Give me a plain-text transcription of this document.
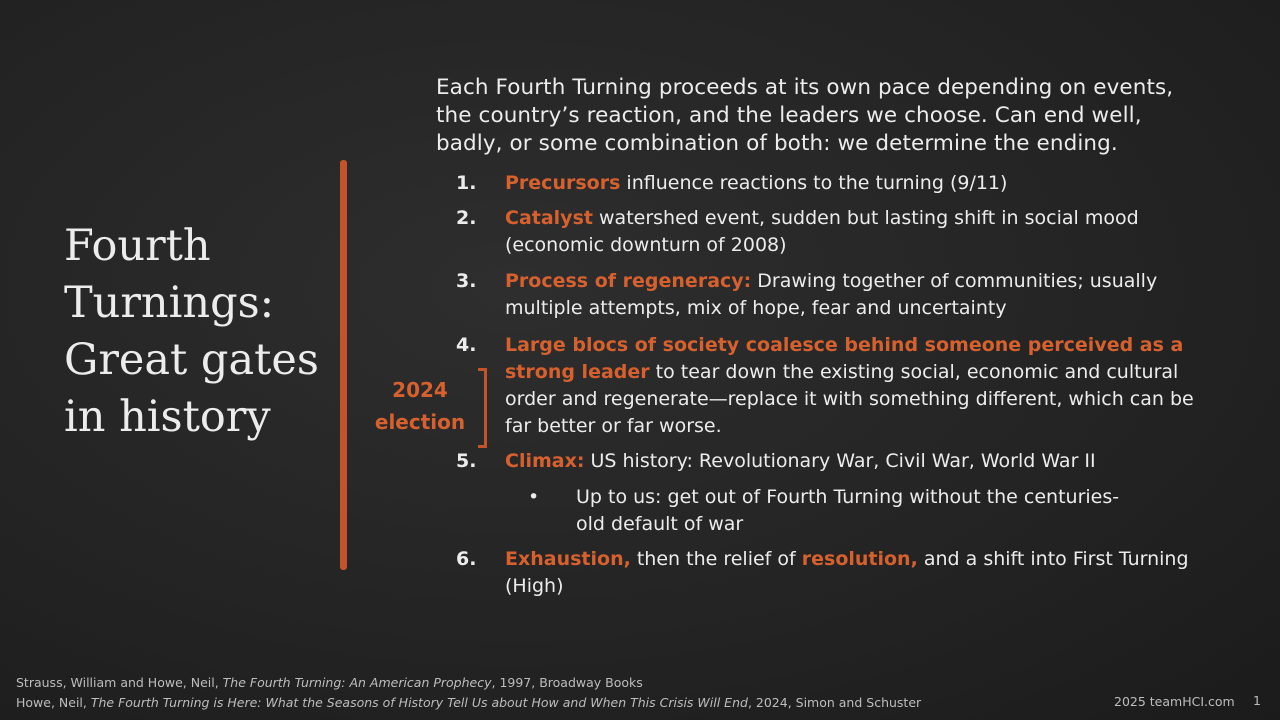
Fourth Turnings: Great gates in history

Each Fourth Turning proceeds at its own pace depending on events, the country’s reaction, and the leaders we choose. Can end well, badly, or some combination of both: we determine the ending.

1. Precursors influence reactions to the turning (9/11)
2. Catalyst watershed event, sudden but lasting shift in social mood (economic downturn of 2008)
3. Process of regeneracy: Drawing together of communities; usually multiple attempts, mix of hope, fear and uncertainty
4. Large blocs of society coalesce behind someone perceived as a strong leader to tear down the existing social, economic and cultural order and regenerate—replace it with something different, which can be far better or far worse.
2024
election
5. Climax: US history: Revolutionary War, Civil War, World War II
• Up to us: get out of Fourth Turning without the centuries-old default of war
6. Exhaustion, then the relief of resolution, and a shift into First Turning (High)
Strauss, William and Howe, Neil, The Fourth Turning: An American Prophecy, 1997, Broadway Books
Howe, Neil, The Fourth Turning is Here: What the Seasons of History Tell Us about How and When This Crisis Will End, 2024, Simon and Schuster	2025 teamHCI.com 1
